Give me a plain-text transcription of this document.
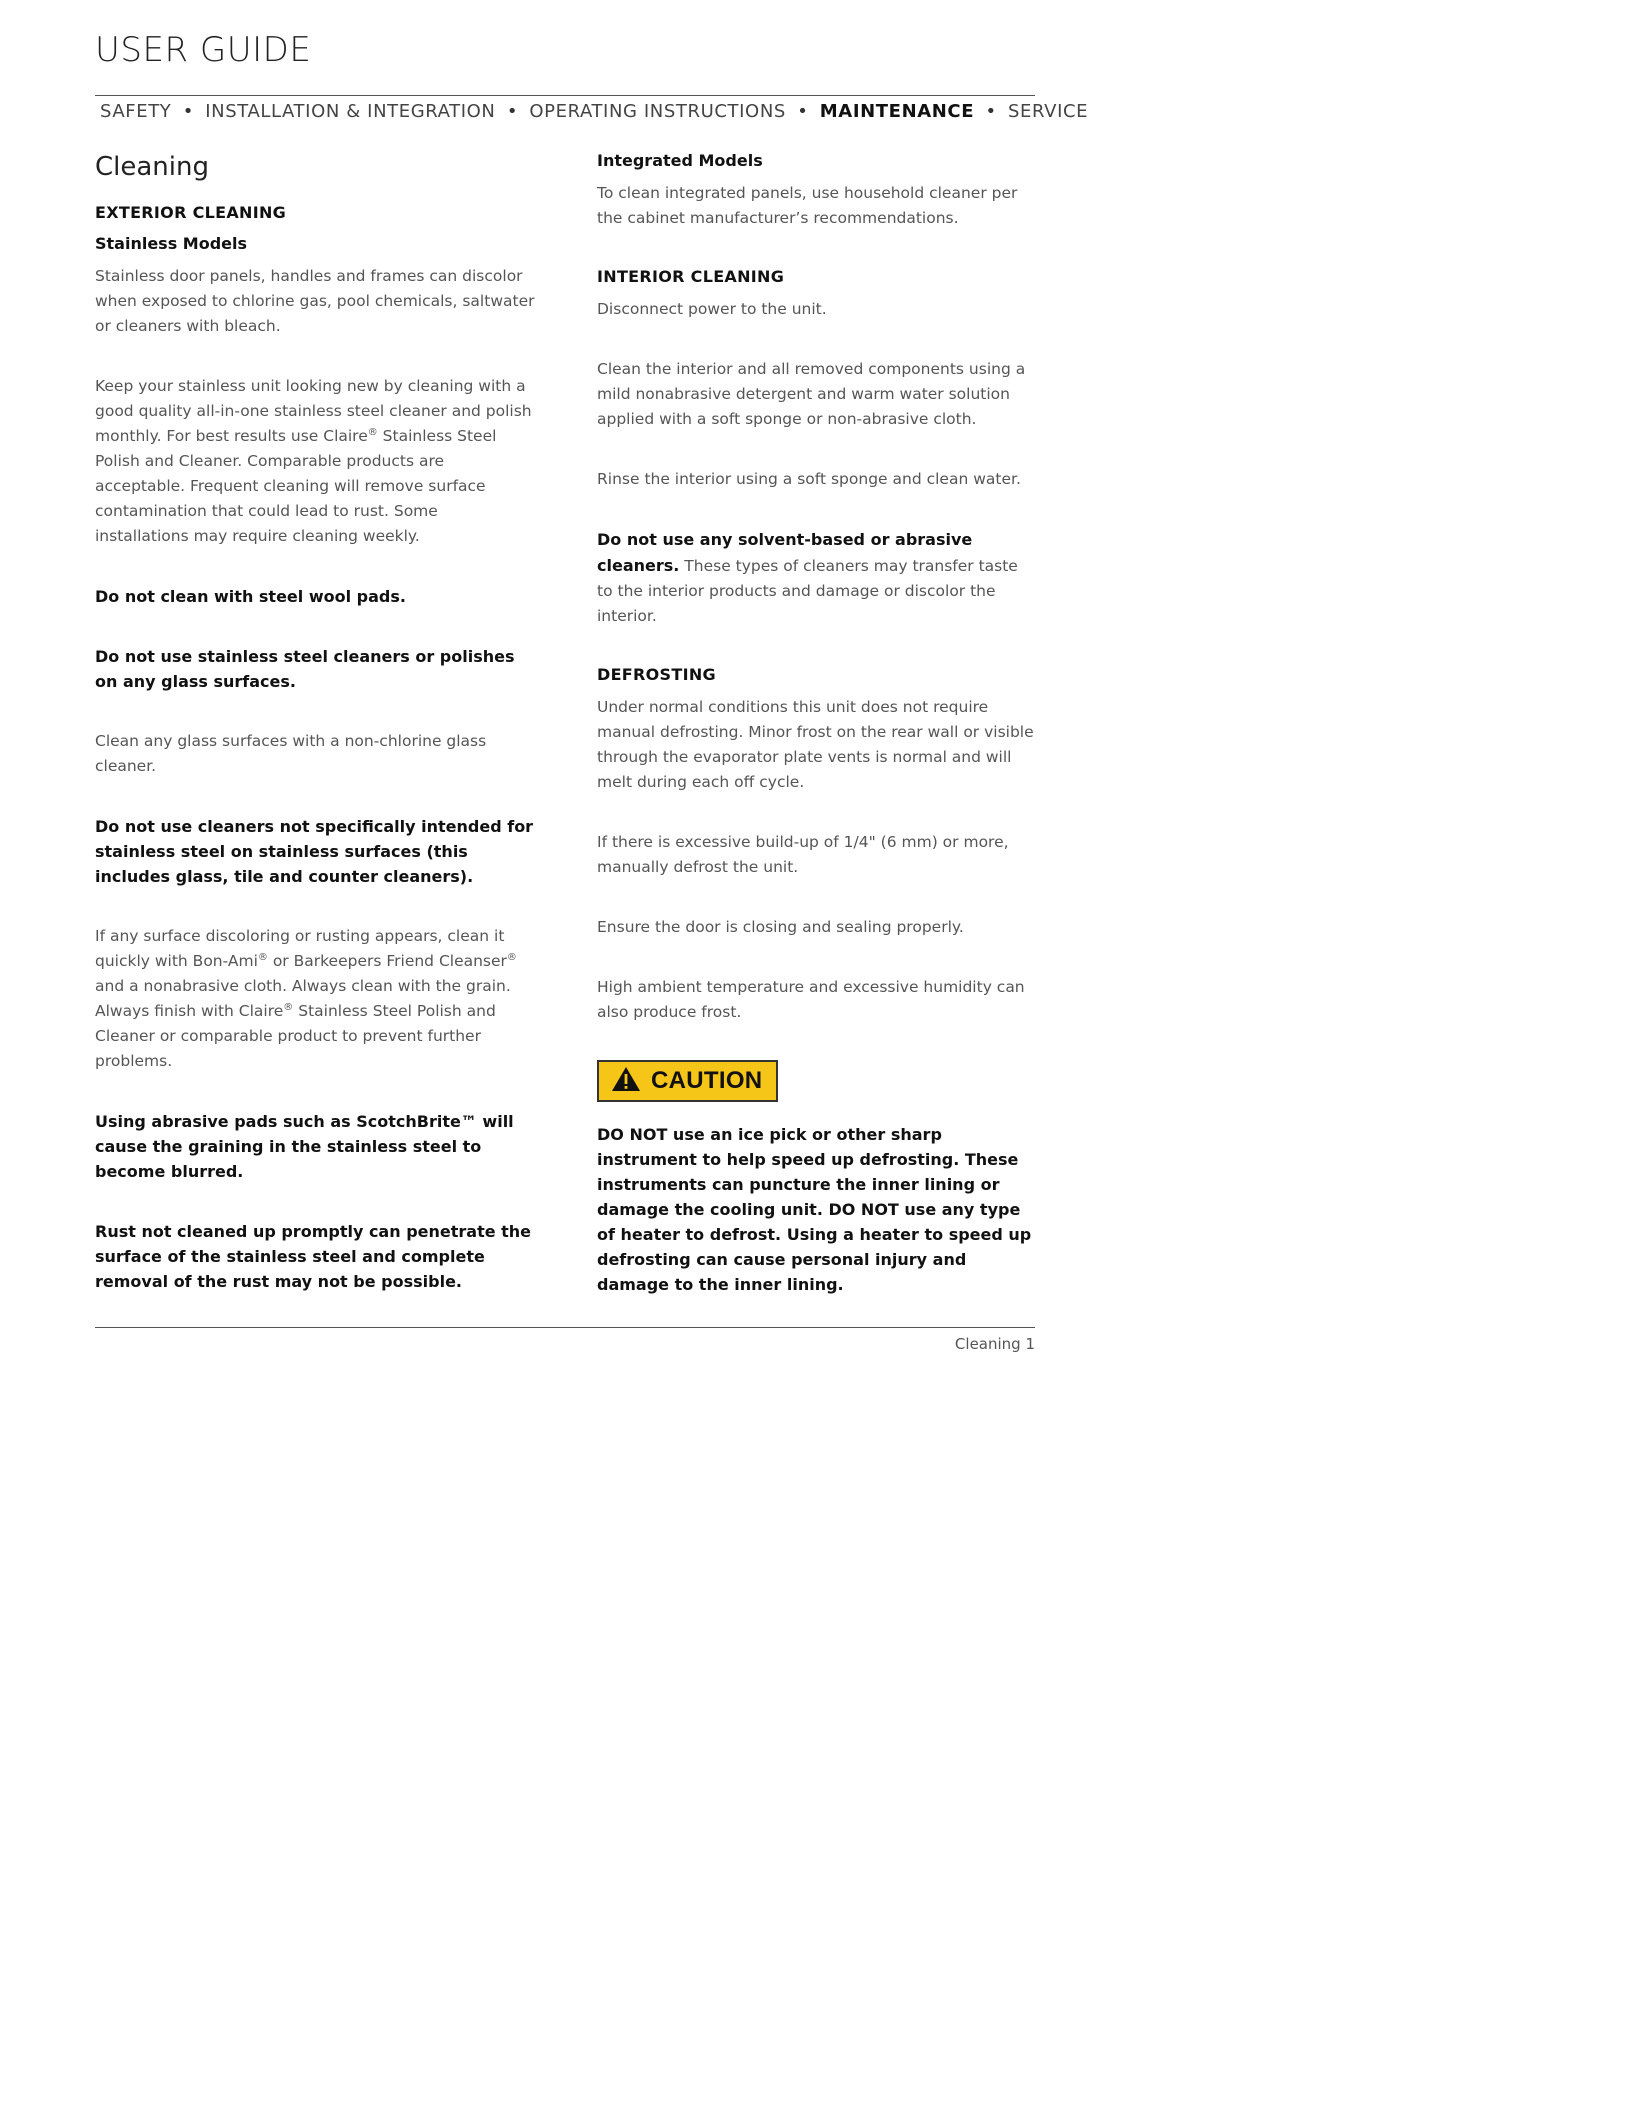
USER GUIDE
SAFETY • INSTALLATION & INTEGRATION • OPERATING INSTRUCTIONS • MAINTENANCE • SERVICE
Cleaning
EXTERIOR CLEANING
Stainless Models

Stainless door panels, handles and frames can discolor when exposed to chlorine gas, pool chemicals, saltwater or cleaners with bleach.

Keep your stainless unit looking new by cleaning with a good quality all-in-one stainless steel cleaner and polish monthly. For best results use Claire® Stainless Steel Polish and Cleaner. Comparable products are acceptable. Frequent cleaning will remove surface contamination that could lead to rust. Some installations may require cleaning weekly.

Do not clean with steel wool pads.

Do not use stainless steel cleaners or polishes on any glass surfaces.

Clean any glass surfaces with a non-chlorine glass cleaner.

Do not use cleaners not specifically intended for stainless steel on stainless surfaces (this includes glass, tile and counter cleaners).

If any surface discoloring or rusting appears, clean it quickly with Bon-Ami® or Barkeepers Friend Cleanser® and a nonabrasive cloth. Always clean with the grain. Always finish with Claire® Stainless Steel Polish and Cleaner or comparable product to prevent further problems.

Using abrasive pads such as ScotchBrite™ will cause the graining in the stainless steel to become blurred.

Rust not cleaned up promptly can penetrate the surface of the stainless steel and complete removal of the rust may not be possible.

Integrated Models

To clean integrated panels, use household cleaner per the cabinet manufacturer’s recommendations.

INTERIOR CLEANING

Disconnect power to the unit.

Clean the interior and all removed components using a mild nonabrasive detergent and warm water solution applied with a soft sponge or non-abrasive cloth.

Rinse the interior using a soft sponge and clean water.

Do not use any solvent-based or abrasive cleaners. These types of cleaners may transfer taste to the interior products and damage or discolor the interior.

DEFROSTING

Under normal conditions this unit does not require manual defrosting. Minor frost on the rear wall or visible through the evaporator plate vents is normal and will melt during each off cycle.

If there is excessive build-up of 1/4" (6 mm) or more, manually defrost the unit.

Ensure the door is closing and sealing properly.

High ambient temperature and excessive humidity can also produce frost.

CAUTION

DO NOT use an ice pick or other sharp instrument to help speed up defrosting. These instruments can puncture the inner lining or damage the cooling unit. DO NOT use any type of heater to defrost. Using a heater to speed up defrosting can cause personal injury and damage to the inner lining.

Cleaning 1
